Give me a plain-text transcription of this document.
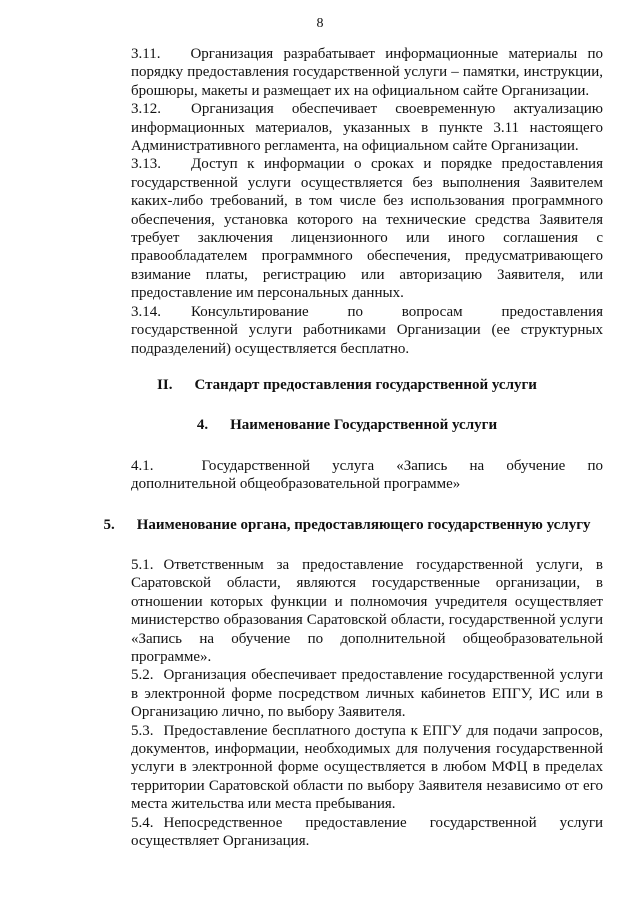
8

3.11. Организация разрабатывает информационные материалы по порядку предоставления государственной услуги – памятки, инструкции, брошюры, макеты и размещает их на официальном сайте Организации.

3.12. Организация обеспечивает своевременную актуализацию информационных материалов, указанных в пункте 3.11 настоящего Административного регламента, на официальном сайте Организации.

3.13. Доступ к информации о сроках и порядке предоставления государственной услуги осуществляется без выполнения Заявителем каких-либо требований, в том числе без использования программного обеспечения, установка которого на технические средства Заявителя требует заключения лицензионного или иного соглашения с правообладателем программного обеспечения, предусматривающего взимание платы, регистрацию или авторизацию Заявителя, или предоставление им персональных данных.

3.14. Консультирование по вопросам предоставления государственной услуги работниками Организации (ее структурных подразделений) осуществляется бесплатно.

II. Стандарт предоставления государственной услуги

4. Наименование Государственной услуги

4.1.	Государственной услуга «Запись на обучение по дополнительной общеобразовательной программе»

5. Наименование органа, предоставляющего государственную услугу

5.1. Ответственным за предоставление государственной услуги, в Саратовской области, являются государственные организации, в отношении которых функции и полномочия учредителя осуществляет министерство образования Саратовской области, государственной услуги «Запись на обучение по дополнительной общеобразовательной программе».

5.2. Организация обеспечивает предоставление государственной услуги в электронной форме посредством личных кабинетов ЕПГУ, ИС или в Организацию лично, по выбору Заявителя.

5.3. Предоставление бесплатного доступа к ЕПГУ для подачи запросов, документов, информации, необходимых для получения государственной услуги в электронной форме осуществляется в любом МФЦ в пределах территории Саратовской области по выбору Заявителя независимо от его места жительства или места пребывания.

5.4. Непосредственное предоставление государственной услуги осуществляет Организация.
